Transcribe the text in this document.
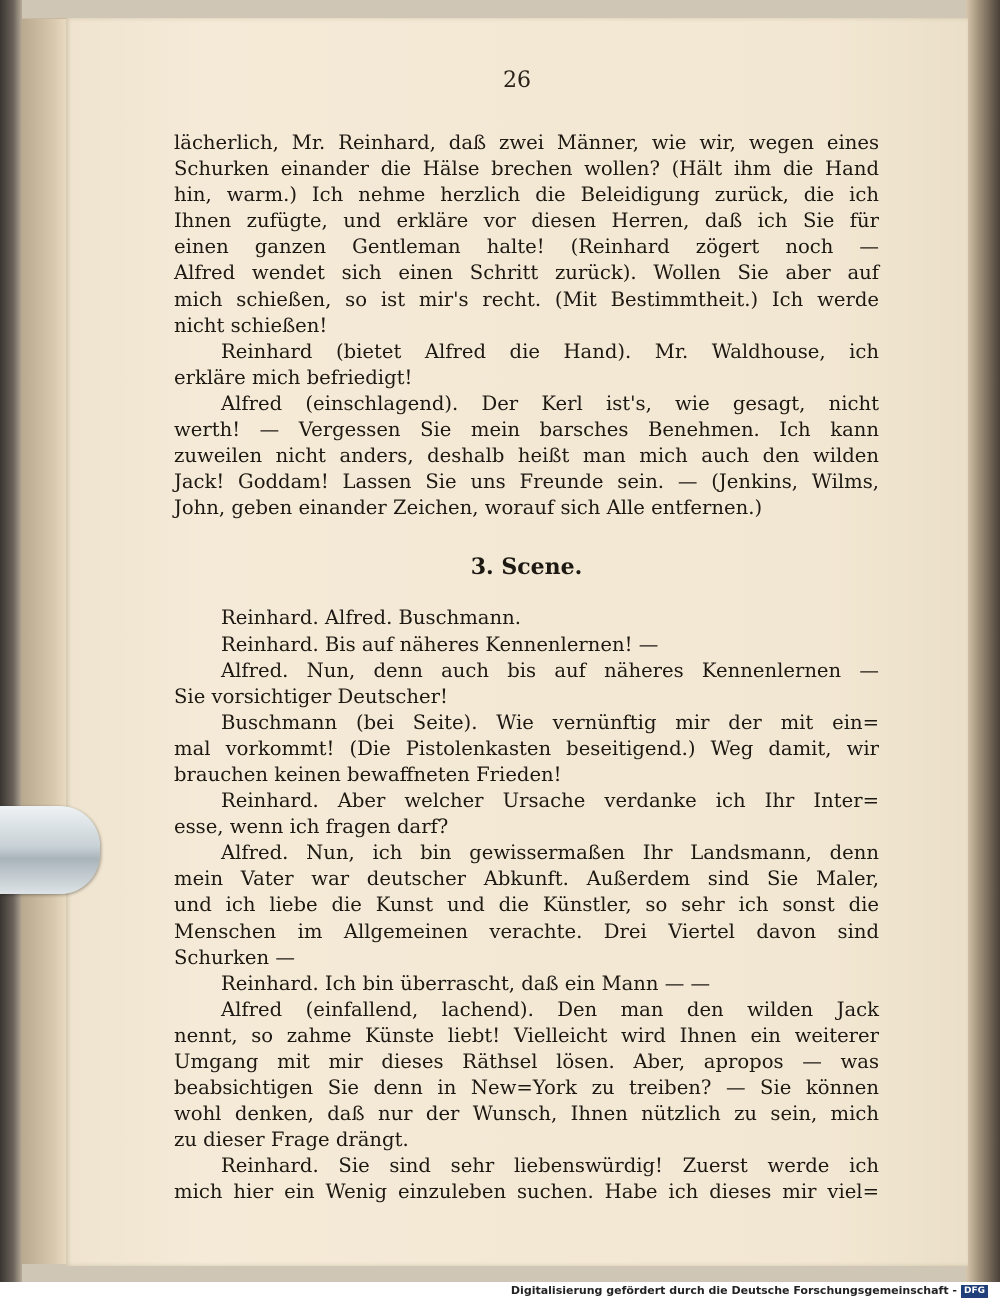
26
lächerlich, Mr. Reinhard, daß zwei Männer, wie wir, wegen eines
Schurken einander die Hälse brechen wollen? (Hält ihm die Hand
hin, warm.) Ich nehme herzlich die Beleidigung zurück, die ich
Ihnen zufügte, und erkläre vor diesen Herren, daß ich Sie für
einen ganzen Gentleman halte! (Reinhard zögert noch —
Alfred wendet sich einen Schritt zurück). Wollen Sie aber auf
mich schießen, so ist mir's recht. (Mit Bestimmtheit.) Ich werde
nicht schießen!
Reinhard (bietet Alfred die Hand). Mr. Waldhouse, ich
erkläre mich befriedigt!
Alfred (einschlagend). Der Kerl ist's, wie gesagt, nicht
werth! — Vergessen Sie mein barsches Benehmen. Ich kann
zuweilen nicht anders, deshalb heißt man mich auch den wilden
Jack! Goddam! Lassen Sie uns Freunde sein. — (Jenkins, Wilms,
John, geben einander Zeichen, worauf sich Alle entfernen.)
3. Scene.
Reinhard. Alfred. Buschmann.
Reinhard. Bis auf näheres Kennenlernen! —
Alfred. Nun, denn auch bis auf näheres Kennenlernen —
Sie vorsichtiger Deutscher!
Buschmann (bei Seite). Wie vernünftig mir der mit ein=
mal vorkommt! (Die Pistolenkasten beseitigend.) Weg damit, wir
brauchen keinen bewaffneten Frieden!
Reinhard. Aber welcher Ursache verdanke ich Ihr Inter=
esse, wenn ich fragen darf?
Alfred. Nun, ich bin gewissermaßen Ihr Landsmann, denn
mein Vater war deutscher Abkunft. Außerdem sind Sie Maler,
und ich liebe die Kunst und die Künstler, so sehr ich sonst die
Menschen im Allgemeinen verachte. Drei Viertel davon sind
Schurken —
Reinhard. Ich bin überrascht, daß ein Mann — —
Alfred (einfallend, lachend). Den man den wilden Jack
nennt, so zahme Künste liebt! Vielleicht wird Ihnen ein weiterer
Umgang mit mir dieses Räthsel lösen. Aber, apropos — was
beabsichtigen Sie denn in New=York zu treiben? — Sie können
wohl denken, daß nur der Wunsch, Ihnen nützlich zu sein, mich
zu dieser Frage drängt.
Reinhard. Sie sind sehr liebenswürdig! Zuerst werde ich
mich hier ein Wenig einzuleben suchen. Habe ich dieses mir viel=
Digitalisierung gefördert durch die Deutsche Forschungsgemeinschaft - DFG
